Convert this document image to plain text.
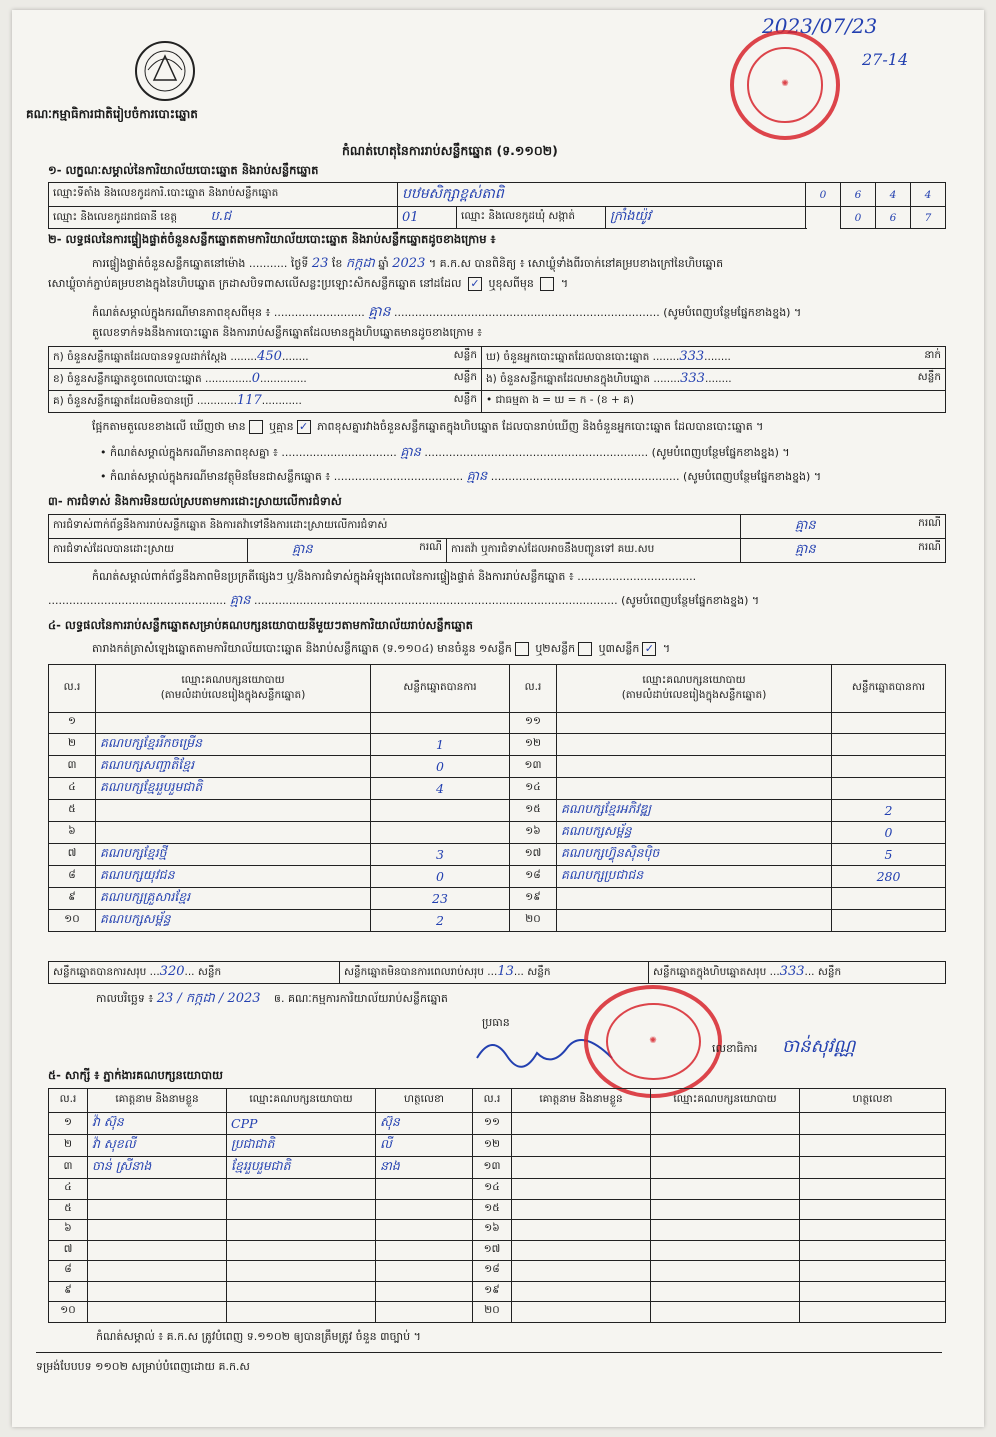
គណៈកម្មាធិការជាតិរៀបចំការបោះឆ្នោត
2023/07/23
27-14
✺
កំណត់ហេតុនៃការរាប់សន្លឹកឆ្នោត (ទ.១១០២)
១- លក្ខណៈសម្គាល់នៃការិយាល័យបោះឆ្នោត និងរាប់សន្លឹកឆ្នោត
ឈ្មោះទីតាំង និងលេខកូដការិ.បោះឆ្នោត និងរាប់សន្លឹកឆ្នោត	បឋមសិក្សាខ្ពស់តាពិ			0	6	4	4
ឈ្មោះ និងលេខកូដរាជធានី ខេត្ត ប.ជ	01	ឈ្មោះ និងលេខកូដឃុំ សង្កាត់	ក្រាំងយ៉ូវ		0	6	7
២- លទ្ធផលនៃការផ្ទៀងផ្ទាត់ចំនួនសន្លឹកឆ្នោតតាមការិយាល័យបោះឆ្នោត និងរាប់សន្លឹកឆ្នោតដូចខាងក្រោម ៖
ការផ្ទៀងផ្ទាត់ចំនួនសន្លឹកឆ្នោតនៅម៉ោង ........... ថ្ងៃទី 23 ខែ កក្កដា ឆ្នាំ 2023 ។ គ.ក.ស បានពិនិត្យ ៖ សោឃ្លុំទាំងពីរចាក់នៅគម្របខាងក្រៅនៃហិបឆ្នោត
សោឃ្លុំចាក់ភ្ជាប់គម្របខាងក្នុងនៃហិបឆ្នោត ក្រដាសបិទពាសលើសន្លះប្រឡោះសិកសន្លឹកឆ្នោត នៅដដែល ✓ ឬខុសពីមុន  ។
កំណត់សម្គាល់ក្នុងករណីមានភាពខុសពីមុន ៖ .......................... គ្មាន ............................................................................ (សូមបំពេញបន្ថែមផ្នែកខាងខ្នង) ។
តួលេខទាក់ទងនឹងការបោះឆ្នោត និងការរាប់សន្លឹកឆ្នោតដែលមានក្នុងហិបឆ្នោតមានដូចខាងក្រោម ៖
ក) ចំនួនសន្លឹកឆ្នោតដែលបានទទួលដាក់ស្តែង ........450........ សន្លឹក	ឃ) ចំនួនអ្នកបោះឆ្នោតដែលបានបោះឆ្នោត ........333........ នាក់

ខ) ចំនួនសន្លឹកឆ្នោតខូចពេលបោះឆ្នោត ..............0.............. សន្លឹក	ង) ចំនួនសន្លឹកឆ្នោតដែលមានក្នុងហិបឆ្នោត ........333........ សន្លឹក

គ) ចំនួនសន្លឹកឆ្នោតដែលមិនបានប្រើ ............117............ សន្លឹក	• ជាធម្មតា ង = ឃ = ក - (ខ + គ)
ផ្អែកតាមតួលេខខាងលើ ឃើញថា មាន ឬគ្មាន ✓ ភាពខុសគ្នារវាងចំនួនសន្លឹកឆ្នោតក្នុងហិបឆ្នោត ដែលបានរាប់ឃើញ និងចំនួនអ្នកបោះឆ្នោត ដែលបានបោះឆ្នោត ។
• កំណត់សម្គាល់ក្នុងករណីមានភាពខុសគ្នា ៖ ................................. គ្មាន ................................................................ (សូមបំពេញបន្ថែមផ្នែកខាងខ្នង) ។
• កំណត់សម្គាល់ក្នុងករណីមានវត្ថុមិនមែនជាសន្លឹកឆ្នោត ៖ ..................................... គ្មាន ...................................................... (សូមបំពេញបន្ថែមផ្នែកខាងខ្នង) ។
៣- ការជំទាស់ និងការមិនយល់ស្របតាមការដោះស្រាយលើការជំទាស់
ការជំទាស់ពាក់ព័ន្ធនឹងការរាប់សន្លឹកឆ្នោត និងការតវ៉ាទៅនឹងការដោះស្រាយលើការជំទាស់			គ្មាន ករណី

ការជំទាស់ដែលបានដោះស្រាយ	គ្មាន ករណី	ការតវ៉ា ឬការជំទាស់ដែលអាចនឹងបញ្ជូនទៅ គឃ.សប	គ្មាន ករណី
កំណត់សម្គាល់ពាក់ព័ន្ធនឹងភាពមិនប្រក្រតីផ្សេងៗ ឬ/និងការជំទាស់ក្នុងអំឡុងពេលនៃការផ្ទៀងផ្ទាត់ និងការរាប់សន្លឹកឆ្នោត ៖ ..................................
................................................... គ្មាន ........................................................................................................ (សូមបំពេញបន្ថែមផ្នែកខាងខ្នង) ។
៤- លទ្ធផលនៃការរាប់សន្លឹកឆ្នោតសម្រាប់គណបក្សនយោបាយនីមួយៗតាមការិយាល័យរាប់សន្លឹកឆ្នោត
តារាងកត់ត្រាសំឡេងឆ្នោតតាមការិយាល័យបោះឆ្នោត និងរាប់សន្លឹកឆ្នោត (ទ.១១០៤) មានចំនួន ១សន្លឹក ឬ២សន្លឹក ឬ៣សន្លឹក ✓ ។
ល.រ	ឈ្មោះគណបក្សនយោបាយ
(តាមលំដាប់លេខរៀងក្នុងសន្លឹកឆ្នោត)	សន្លឹកឆ្នោតបានការ	ល.រ	ឈ្មោះគណបក្សនយោបាយ
(តាមលំដាប់លេខរៀងក្នុងសន្លឹកឆ្នោត)	សន្លឹកឆ្នោតបានការ
១			១១		
២	គណបក្សខ្មែររីកចម្រើន	1	១២		
៣	គណបក្សសញ្ជាតិខ្មែរ	0	១៣		
៤	គណបក្សខ្មែររួបរួមជាតិ	4	១៤		
៥			១៥	គណបក្សខ្មែរអភិវឌ្ឍ	2
៦			១៦	គណបក្សសម្ព័ន្ធ	0
៧	គណបក្សខ្មែរថ្មី	3	១៧	គណបក្សហ៊្វុនស៊ិនប៉ិច	5
៨	គណបក្សយុវជន	0	១៨	គណបក្សប្រជាជន	280
៩	គណបក្សគ្រួសារខ្មែរ	23	១៩		
១០	គណបក្សសម្ព័ន្ធ	2	២០		
សន្លឹកឆ្នោតបានការសរុប ...320... សន្លឹក	សន្លឹកឆ្នោតមិនបានការពេលរាប់សរុប ...13... សន្លឹក	សន្លឹកឆ្នោតក្នុងហិបឆ្នោតសរុប ...333... សន្លឹក
កាលបរិច្ឆេទ ៖ 23 / កក្កដា / 2023 ឲ. គណៈកម្មការការិយាល័យរាប់សន្លឹកឆ្នោត
ប្រធាន
✺
លេខាធិការ ចាន់សុវណ្ណ
៥- សាក្សី ៖ ភ្នាក់ងារគណបក្សនយោបាយ
ល.រ	គោត្តនាម និងនាមខ្លួន	ឈ្មោះគណបក្សនយោបាយ	ហត្ថលេខា	ល.រ	គោត្តនាម និងនាមខ្លួន	ឈ្មោះគណបក្សនយោបាយ	ហត្ថលេខា
១	វ៉ា ស៊ុន	CPP	ស៊ុន	១១			
២	វ៉ា សុខលី	ប្រជាជាតិ	លី	១២			
៣	ចាន់ ស្រីនាង	ខ្មែររួបរួមជាតិ	នាង	១៣			
៤				១៤			
៥				១៥			
៦				១៦			
៧				១៧			
៨				១៨			
៩				១៩			
១០				២០			
កំណត់សម្គាល់ ៖ គ.ក.ស ត្រូវបំពេញ ទ.១១០២ ឲ្យបានត្រឹមត្រូវ ចំនួន ៣ច្បាប់ ។
ទម្រង់បែបបទ ១១០២ សម្រាប់បំពេញដោយ គ.ក.ស
